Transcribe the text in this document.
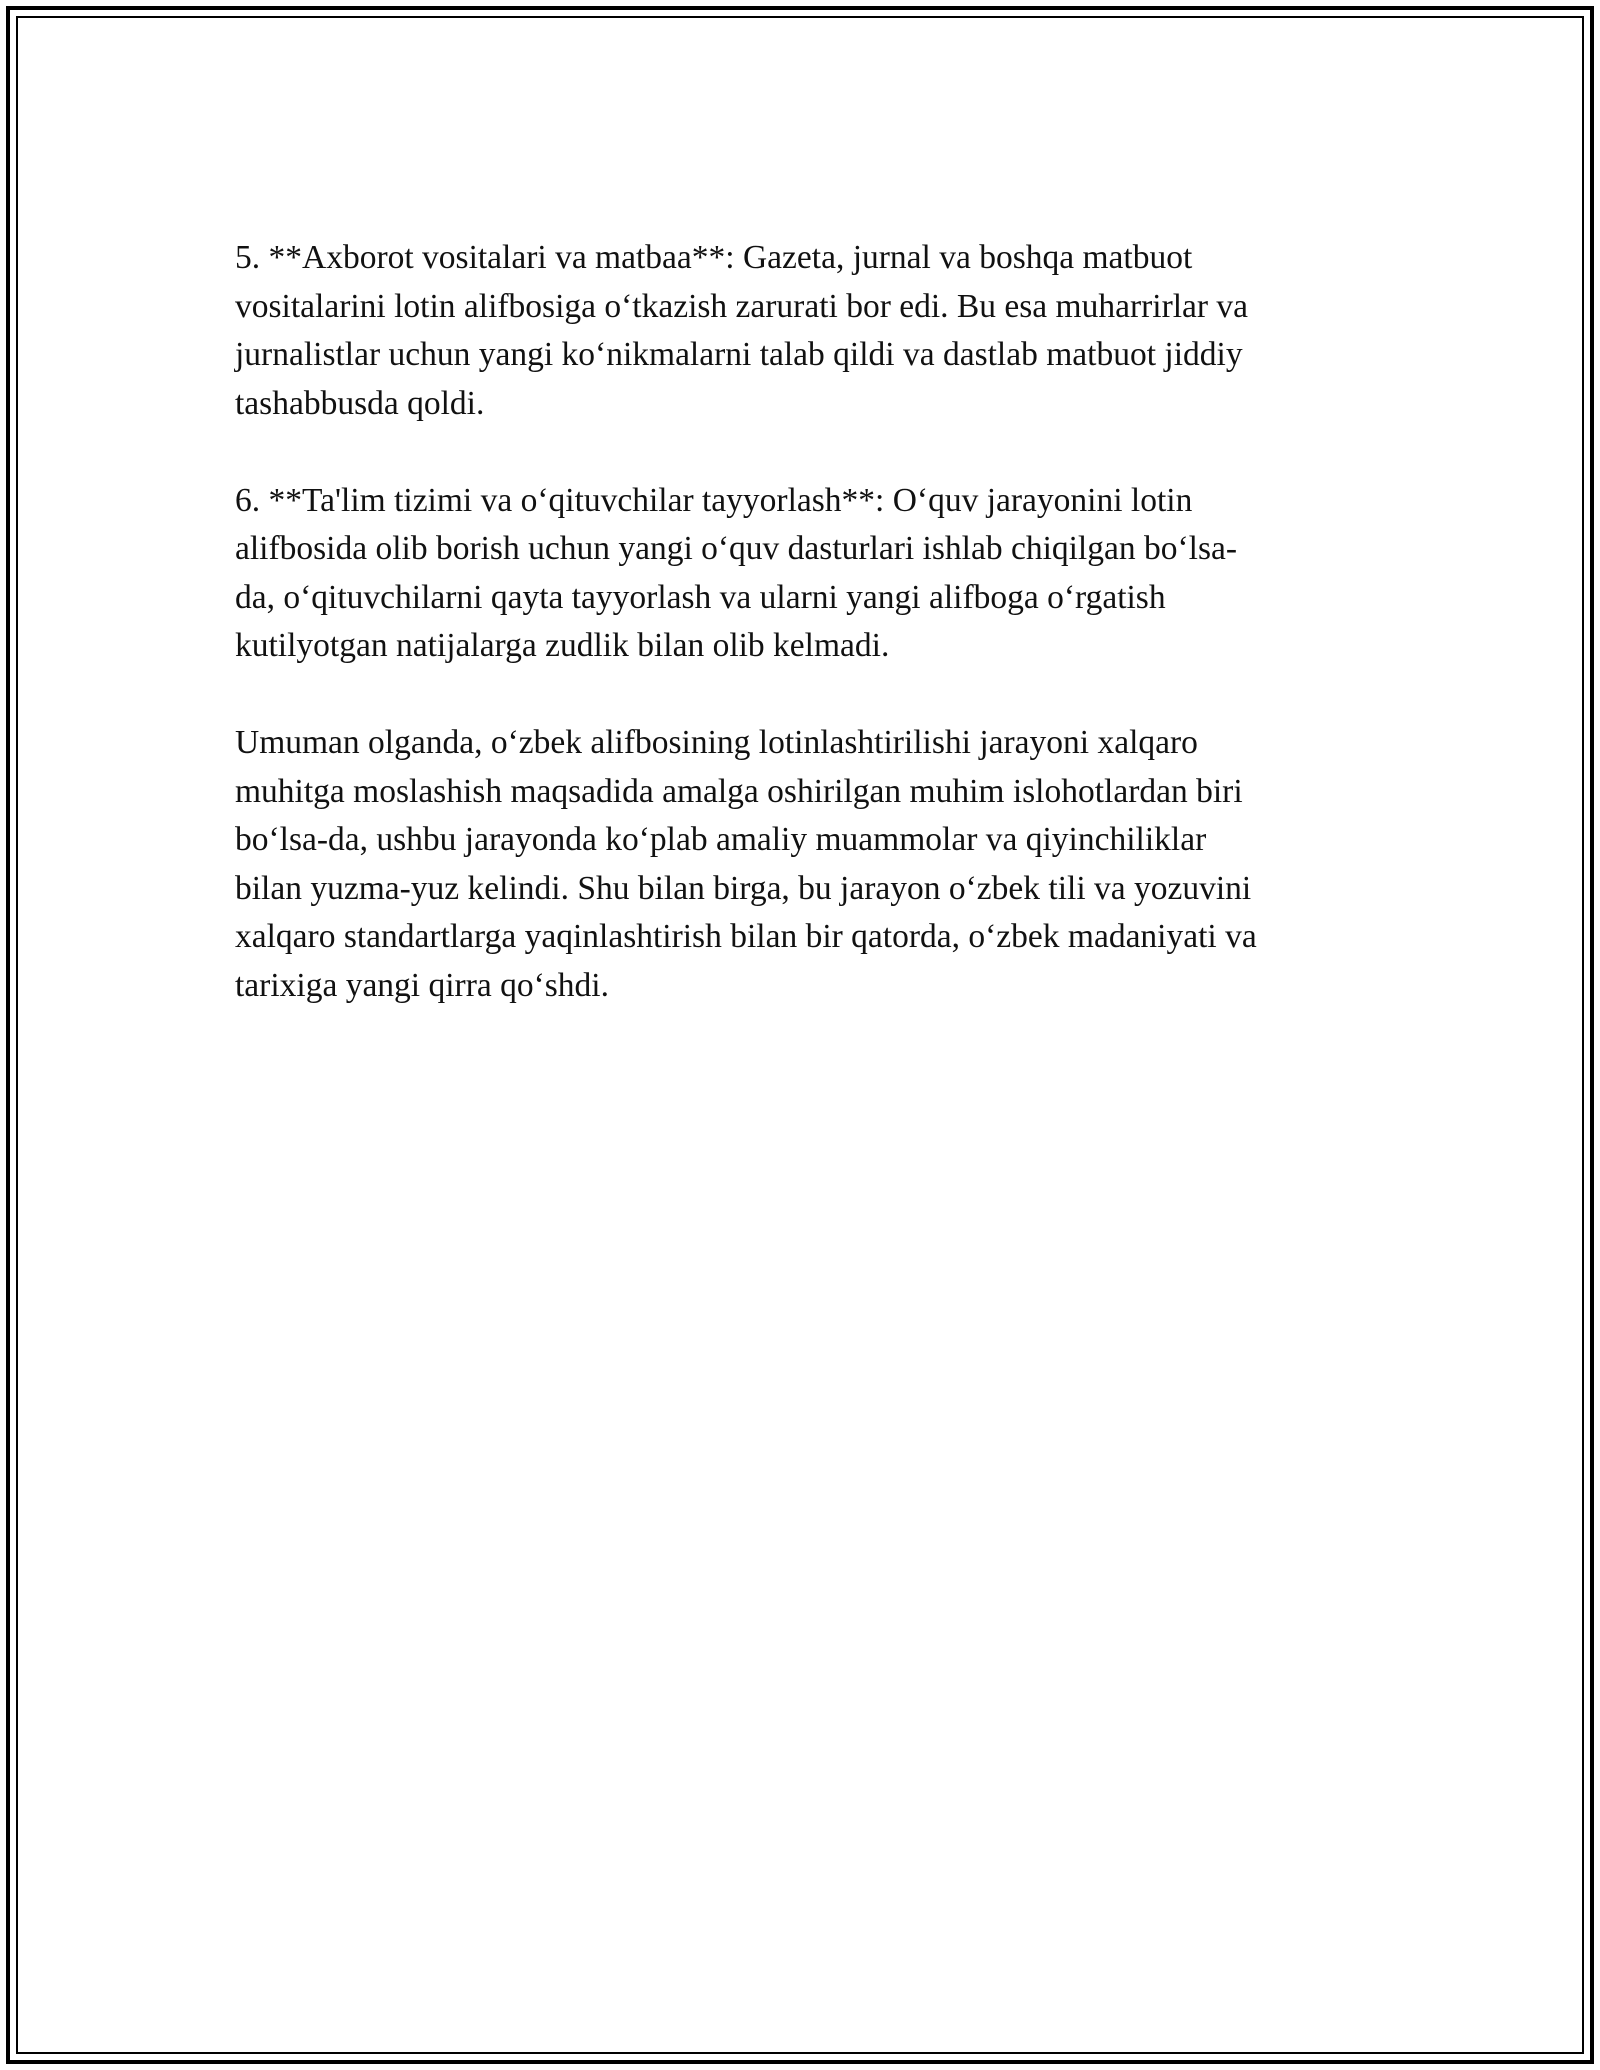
5. **Axborot vositalari va matbaa**: Gazeta, jurnal va boshqa matbuot
vositalarini lotin alifbosiga o‘tkazish zarurati bor edi. Bu esa muharrirlar va
jurnalistlar uchun yangi ko‘nikmalarni talab qildi va dastlab matbuot jiddiy
tashabbusda qoldi.

6. **Ta'lim tizimi va o‘qituvchilar tayyorlash**: O‘quv jarayonini lotin
alifbosida olib borish uchun yangi o‘quv dasturlari ishlab chiqilgan bo‘lsa-
da, o‘qituvchilarni qayta tayyorlash va ularni yangi alifboga o‘rgatish
kutilyotgan natijalarga zudlik bilan olib kelmadi.

Umuman olganda, o‘zbek alifbosining lotinlashtirilishi jarayoni xalqaro
muhitga moslashish maqsadida amalga oshirilgan muhim islohotlardan biri
bo‘lsa-da, ushbu jarayonda ko‘plab amaliy muammolar va qiyinchiliklar
bilan yuzma-yuz kelindi. Shu bilan birga, bu jarayon o‘zbek tili va yozuvini
xalqaro standartlarga yaqinlashtirish bilan bir qatorda, o‘zbek madaniyati va
tarixiga yangi qirra qo‘shdi.
